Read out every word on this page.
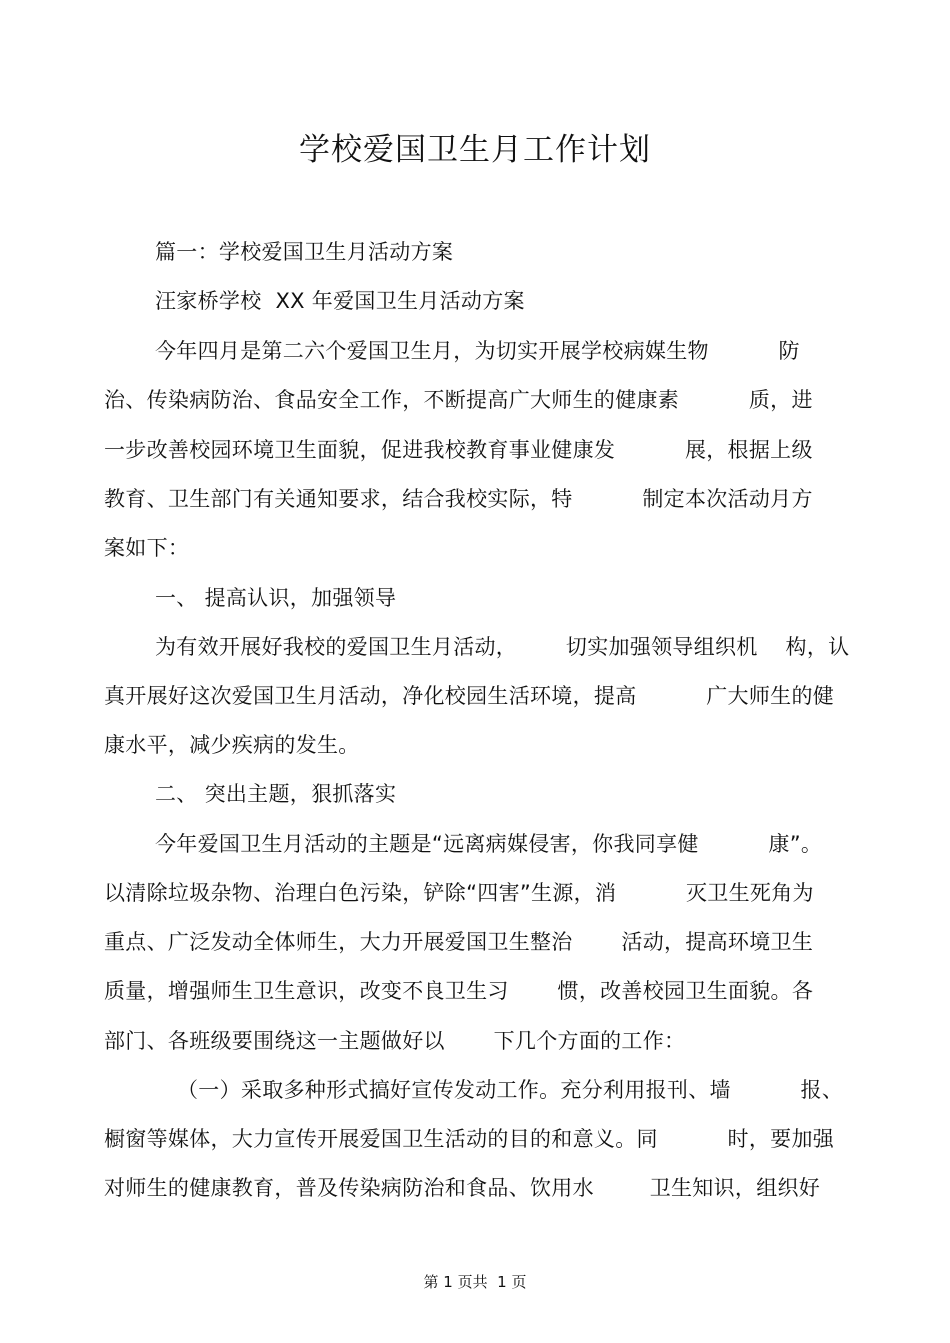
学校爱国卫生月工作计划
篇一：学校爱国卫生月活动方案
汪家桥学校  XX 年爱国卫生月活动方案
今年四月是第二六个爱国卫生月，为切实开展学校病媒生物          防
治、传染病防治、食品安全工作，不断提高广大师生的健康素          质，进
一步改善校园环境卫生面貌，促进我校教育事业健康发          展，根据上级
教育、卫生部门有关通知要求，结合我校实际，特          制定本次活动月方
案如下：
一、 提高认识，加强领导
为有效开展好我校的爱国卫生月活动，       切实加强领导组织机    构，认
真开展好这次爱国卫生月活动，净化校园生活环境，提高          广大师生的健
康水平，减少疾病的发生。
二、 突出主题，狠抓落实
今年爱国卫生月活动的主题是“远离病媒侵害，你我同享健          康”。
以清除垃圾杂物、治理白色污染，铲除“四害”生源，消          灭卫生死角为
重点、广泛发动全体师生，大力开展爱国卫生整治       活动，提高环境卫生
质量，增强师生卫生意识，改变不良卫生习       惯，改善校园卫生面貌。各
部门、各班级要围绕这一主题做好以       下几个方面的工作：
（一）采取多种形式搞好宣传发动工作。充分利用报刊、墙          报、
橱窗等媒体，大力宣传开展爱国卫生活动的目的和意义。同          时，要加强
对师生的健康教育，普及传染病防治和食品、饮用水        卫生知识，组织好
第 1 页共  1 页
